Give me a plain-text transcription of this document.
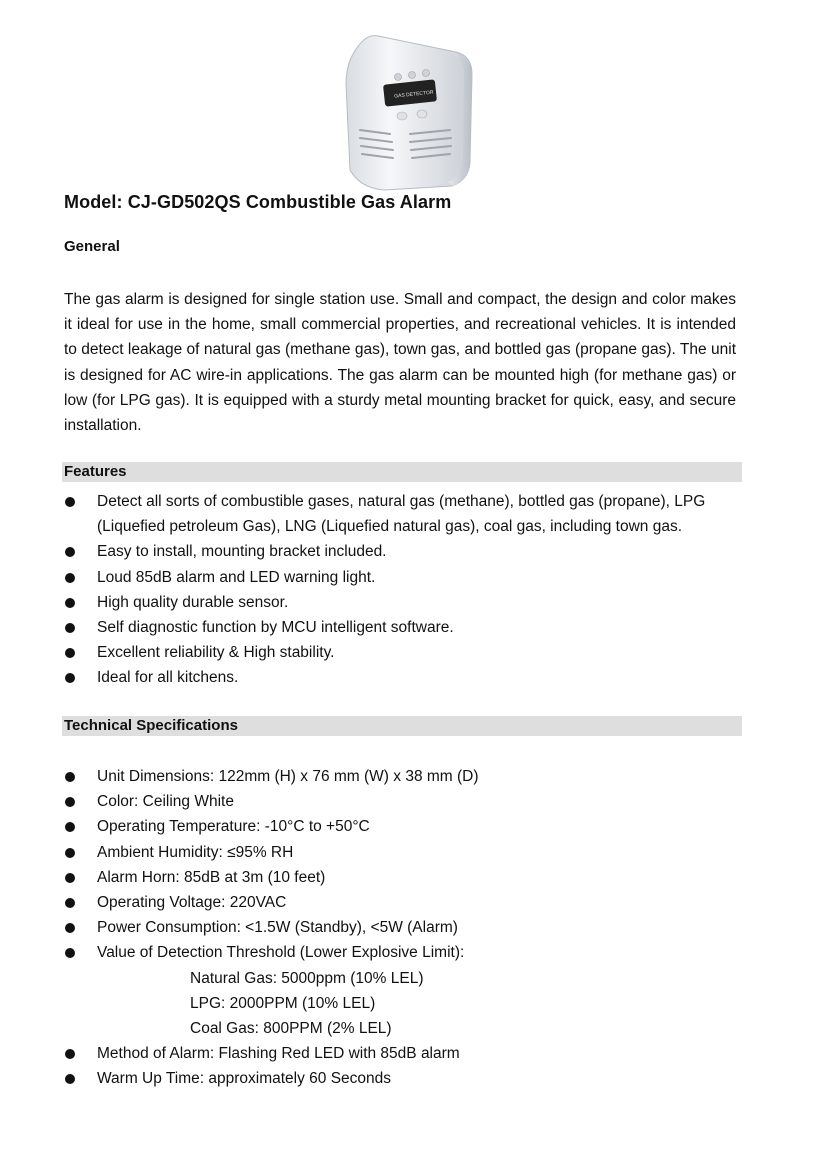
GAS DETECTOR
Model: CJ-GD502QS Combustible Gas Alarm
General

The gas alarm is designed for single station use. Small and compact, the design and color makes it ideal for use in the home, small commercial properties, and recreational vehicles. It is intended to detect leakage of natural gas (methane gas), town gas, and bottled gas (propane gas). The unit is designed for AC wire-in applications. The gas alarm can be mounted high (for methane gas) or low (for LPG gas). It is equipped with a sturdy metal mounting bracket for quick, easy, and secure installation.

Features
Detect all sorts of combustible gases, natural gas (methane), bottled gas (propane), LPG (Liquefied petroleum Gas), LNG (Liquefied natural gas), coal gas, including town gas.
Easy to install, mounting bracket included.
Loud 85dB alarm and LED warning light.
High quality durable sensor.
Self diagnostic function by MCU intelligent software.
Excellent reliability & High stability.
Ideal for all kitchens.
Technical Specifications
Unit Dimensions: 122mm (H) x 76 mm (W) x 38 mm (D)
Color: Ceiling White
Operating Temperature: -10°C to +50°C
Ambient Humidity: ≤95% RH
Alarm Horn: 85dB at 3m (10 feet)
Operating Voltage: 220VAC
Power Consumption: <1.5W (Standby), <5W (Alarm)
Value of Detection Threshold (Lower Explosive Limit):
Natural Gas: 5000ppm (10% LEL)
LPG: 2000PPM (10% LEL)
Coal Gas: 800PPM (2% LEL)
Method of Alarm: Flashing Red LED with 85dB alarm
Warm Up Time: approximately 60 Seconds
